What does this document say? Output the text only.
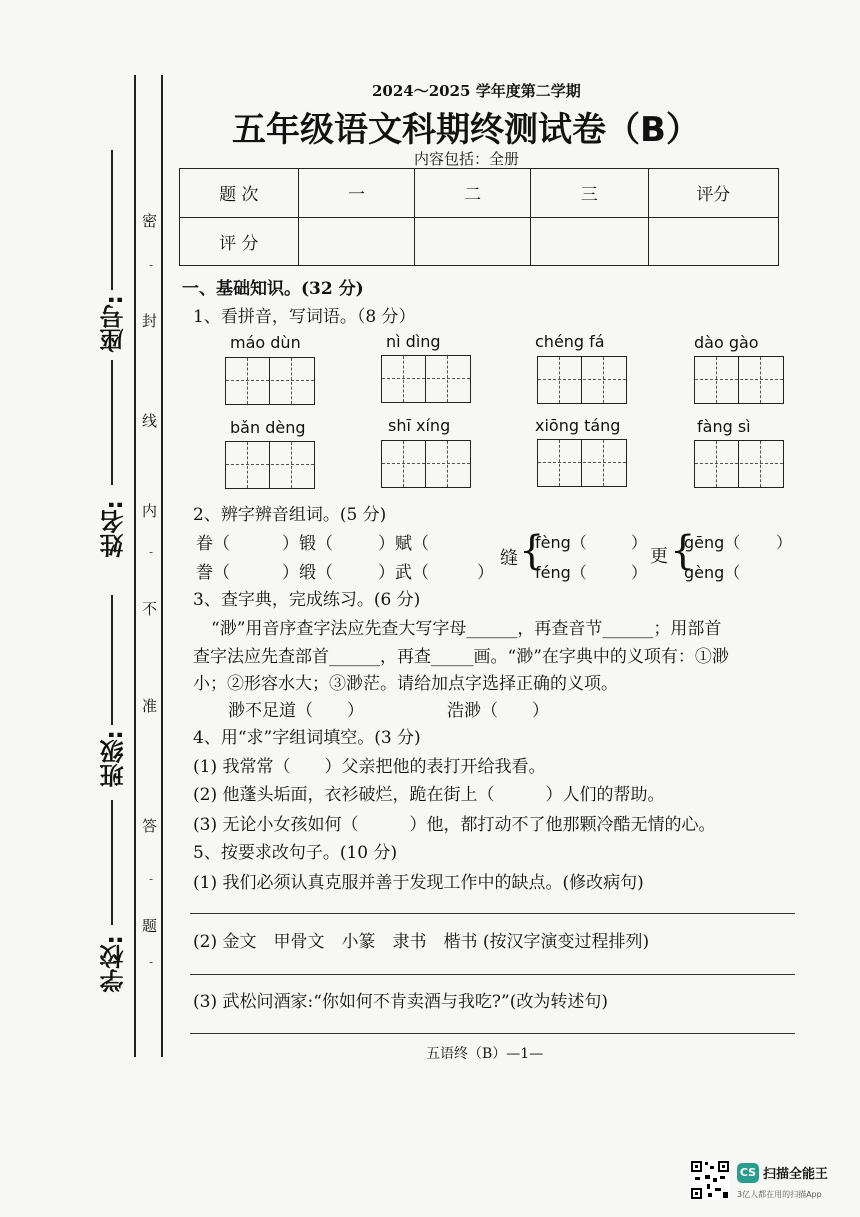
座号:
姓名:
班级:
学校:
密
-
封
线
内
-
不
准
答
-
题
-
2024～2025 学年度第二学期
五年级语文科期终测试卷（B）
内容包括：全册
题 次	一	二	三	评分
评 分				
一、基础知识。(32 分)
1、看拼音，写词语。（8 分）
máo dùn	nì dìng	chéng fá	dào gào
bǎn dèng	shī xíng	xiōng táng	fàng sì
2、辨字辨音组词。(5 分)
眷（	）锻（	）赋（
誊（	）缎（	）武（	）
缝 {
fèng（	）
féng（	）
更 {
gēng（ ）
gèng（
3、查字典，完成练习。(6 分)
“渺”用音序查字法应先查大写字母______，再查音节______；用部首
查字法应先查部首______，再查_____画。“渺”在字典中的义项有：①渺
小；②形容水大；③渺茫。请给加点字选择正确的义项。
渺不足道（　　）	浩渺（　　）
4、用“求”字组词填空。(3 分)
(1) 我常常（　　）父亲把他的表打开给我看。
(2) 他蓬头垢面，衣衫破烂，跪在街上（　　　）人们的帮助。
(3) 无论小女孩如何（　　　）他，都打动不了他那颗冷酷无情的心。
5、按要求改句子。(10 分)
(1) 我们必须认真克服并善于发现工作中的缺点。(修改病句)
(2) 金文　甲骨文　小篆　隶书　楷书 (按汉字演变过程排列)
(3) 武松问酒家:“你如何不肯卖酒与我吃?”(改为转述句)
五语终（B）—1—
CS 扫描全能王
3亿人都在用的扫描App
